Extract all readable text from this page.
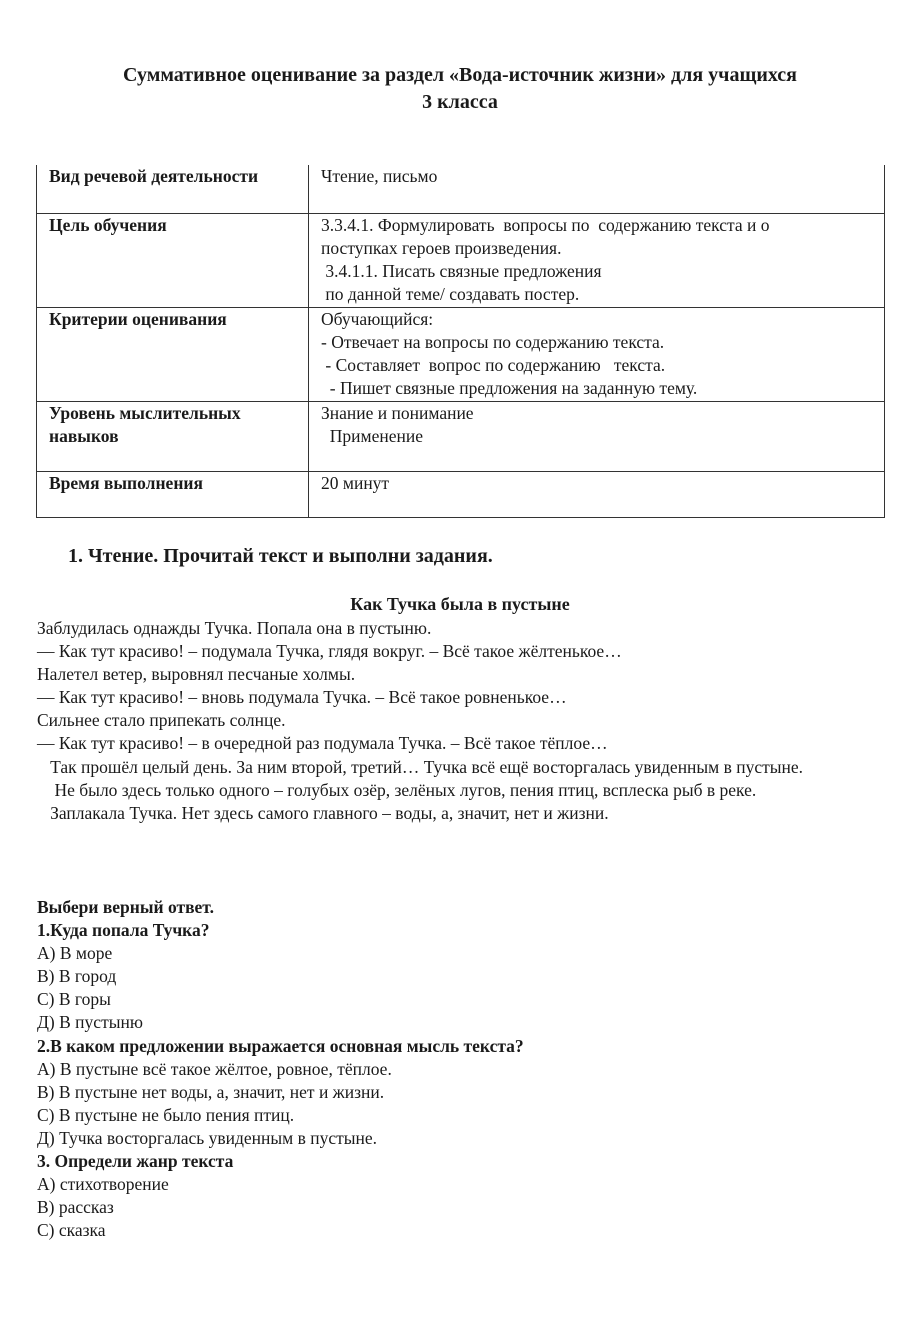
Суммативное оценивание за раздел «Вода-источник жизни» для учащихся
3 класса
Вид речевой деятельности	Чтение, письмо

Цель обучения	3.3.4.1. Формулировать  вопросы по  содержанию текста и о
поступках героев произведения.
3.4.1.1. Писать связные предложения
по данной теме/ создавать постер.

Критерии оценивания	Обучающийся:
- Отвечает на вопросы по содержанию текста.
- Составляет  вопрос по содержанию   текста.
- Пишет связные предложения на заданную тему.

Уровень мыслительных
навыков	Знание и понимание
Применение

Время выполнения	20 минут
1. Чтение. Прочитай текст и выполни задания.
Как Тучка была в пустыне
Заблудилась однажды Тучка. Попала она в пустыню.
— Как тут красиво! – подумала Тучка, глядя вокруг. – Всё такое жёлтенькое…
Налетел ветер, выровнял песчаные холмы.
— Как тут красиво! – вновь подумала Тучка. – Всё такое ровненькое…
Сильнее стало припекать солнце.
— Как тут красиво! – в очередной раз подумала Тучка. – Всё такое тёплое…
Так прошёл целый день. За ним второй, третий… Тучка всё ещё восторгалась увиденным в пустыне.
Не было здесь только одного – голубых озёр, зелёных лугов, пения птиц, всплеска рыб в реке.
Заплакала Тучка. Нет здесь самого главного – воды, а, значит, нет и жизни.
Выбери верный ответ.
1.Куда попала Тучка?
А) В море
В) В город
С) В горы
Д) В пустыню
2.В каком предложении выражается основная мысль текста?
А) В пустыне всё такое жёлтое, ровное, тёплое.
В) В пустыне нет воды, а, значит, нет и жизни.
С) В пустыне не было пения птиц.
Д) Тучка восторгалась увиденным в пустыне.
3. Определи жанр текста
А) стихотворение
В) рассказ
С) сказка
